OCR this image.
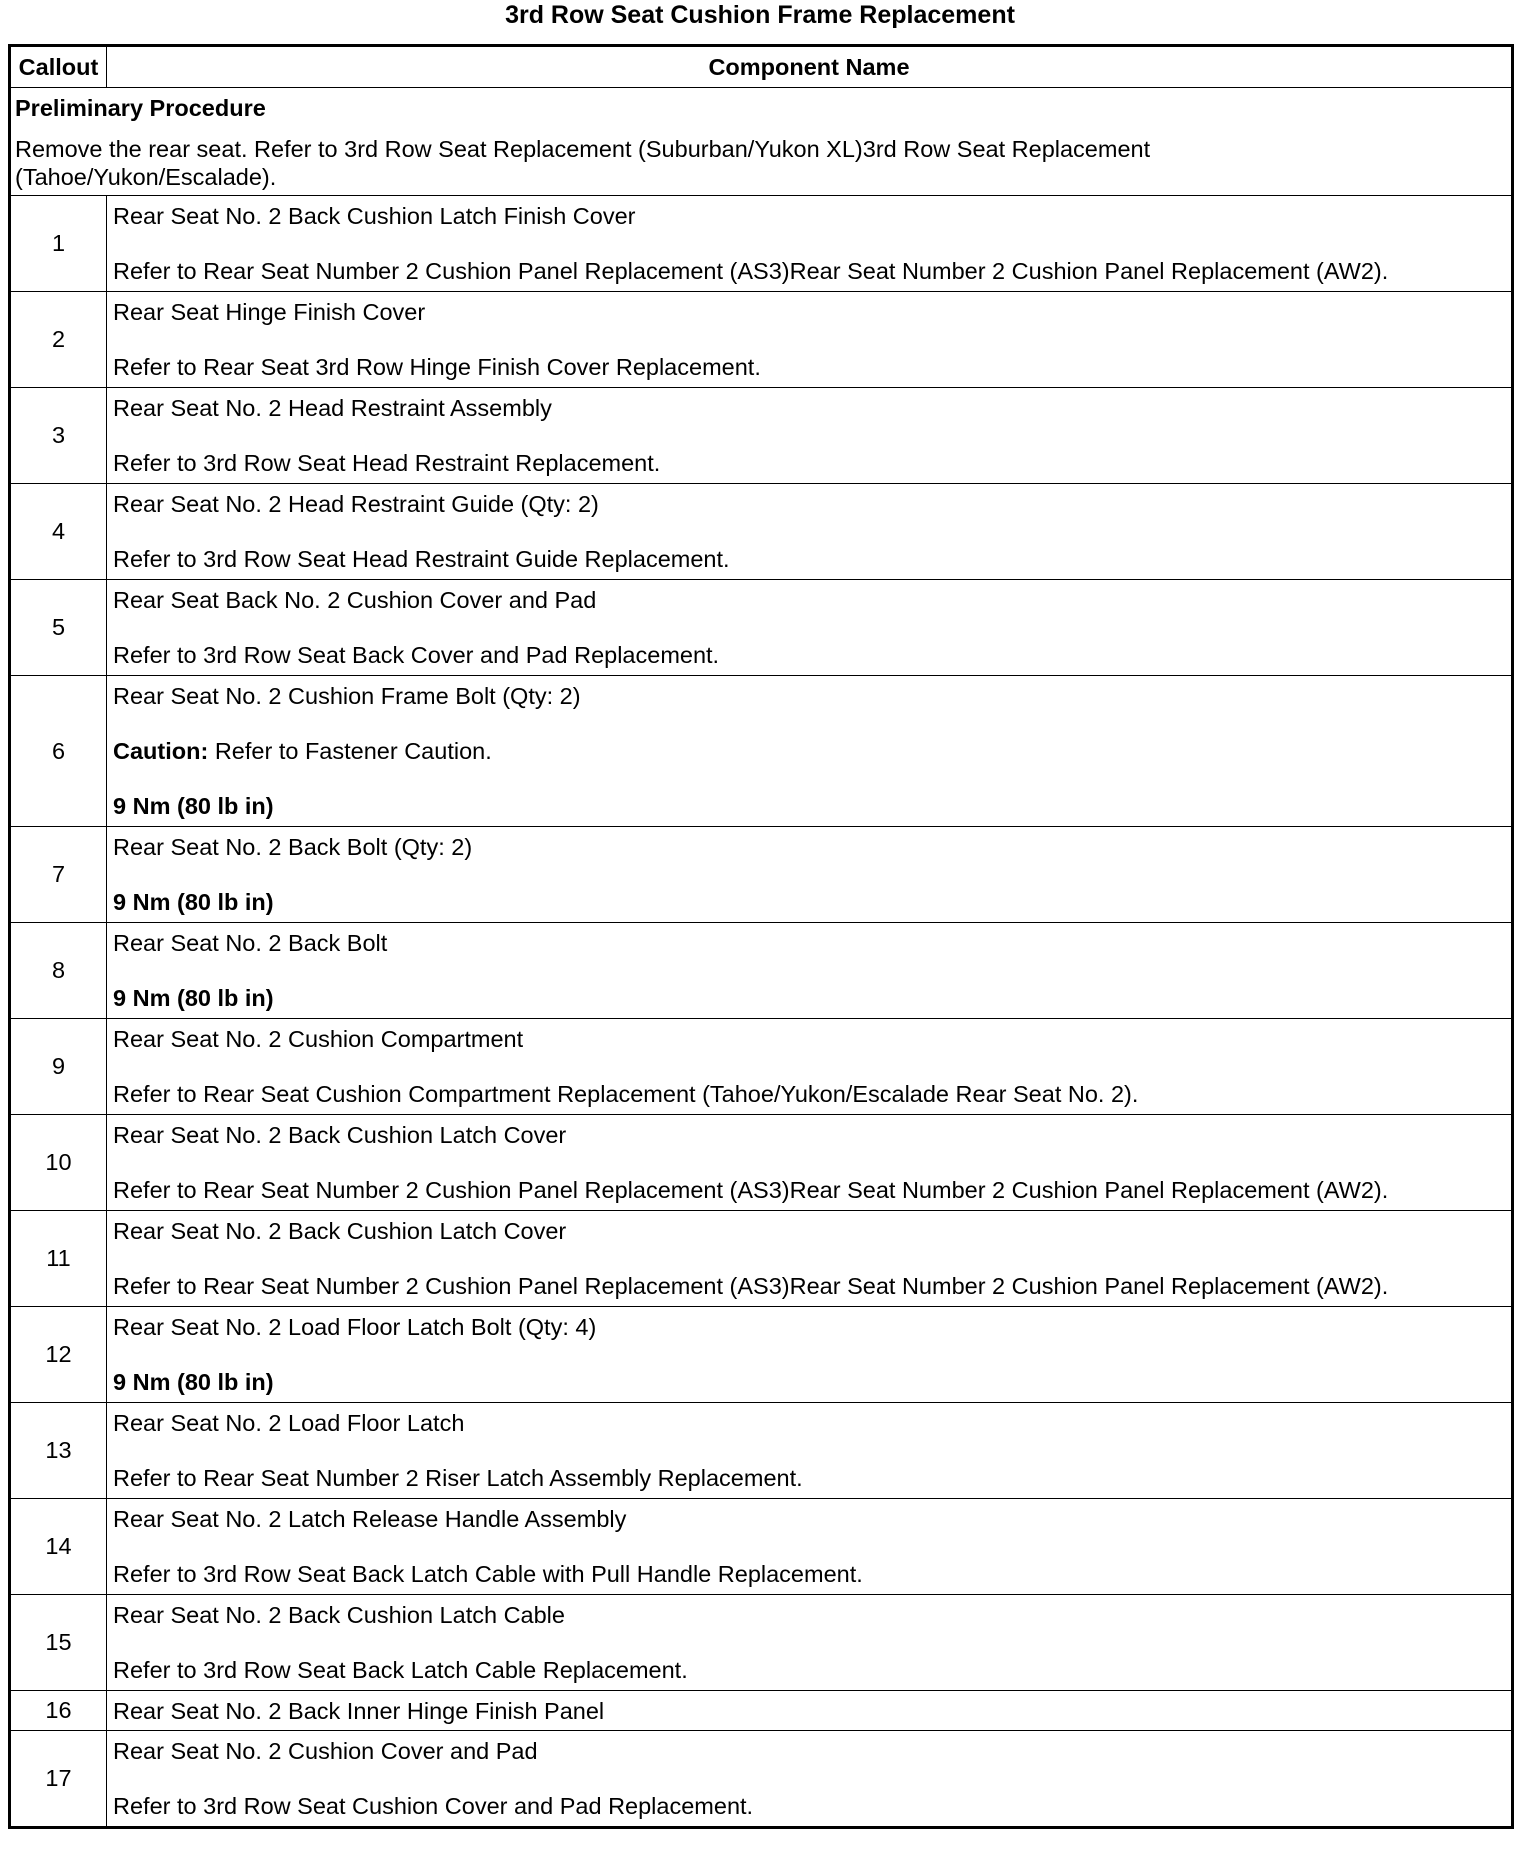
3rd Row Seat Cushion Frame Replacement
Callout	Component Name

Preliminary Procedure
Remove the rear seat. Refer to 3rd Row Seat Replacement (Suburban/Yukon XL)3rd Row Seat Replacement
(Tahoe/Yukon/Escalade).	

1	Rear Seat No. 2 Back Cushion Latch Finish Cover
Refer to Rear Seat Number 2 Cushion Panel Replacement (AS3)Rear Seat Number 2 Cushion Panel Replacement (AW2).

2	Rear Seat Hinge Finish Cover
Refer to Rear Seat 3rd Row Hinge Finish Cover Replacement.

3	Rear Seat No. 2 Head Restraint Assembly
Refer to 3rd Row Seat Head Restraint Replacement.

4	Rear Seat No. 2 Head Restraint Guide (Qty: 2)
Refer to 3rd Row Seat Head Restraint Guide Replacement.

5	Rear Seat Back No. 2 Cushion Cover and Pad
Refer to 3rd Row Seat Back Cover and Pad Replacement.

6	Rear Seat No. 2 Cushion Frame Bolt (Qty: 2)
Caution: Refer to Fastener Caution.
9 Nm (80 lb in)

7	Rear Seat No. 2 Back Bolt (Qty: 2)
9 Nm (80 lb in)

8	Rear Seat No. 2 Back Bolt
9 Nm (80 lb in)

9	Rear Seat No. 2 Cushion Compartment
Refer to Rear Seat Cushion Compartment Replacement (Tahoe/Yukon/Escalade Rear Seat No. 2).

10	Rear Seat No. 2 Back Cushion Latch Cover
Refer to Rear Seat Number 2 Cushion Panel Replacement (AS3)Rear Seat Number 2 Cushion Panel Replacement (AW2).

11	Rear Seat No. 2 Back Cushion Latch Cover
Refer to Rear Seat Number 2 Cushion Panel Replacement (AS3)Rear Seat Number 2 Cushion Panel Replacement (AW2).

12	Rear Seat No. 2 Load Floor Latch Bolt (Qty: 4)
9 Nm (80 lb in)

13	Rear Seat No. 2 Load Floor Latch
Refer to Rear Seat Number 2 Riser Latch Assembly Replacement.

14	Rear Seat No. 2 Latch Release Handle Assembly
Refer to 3rd Row Seat Back Latch Cable with Pull Handle Replacement.

15	Rear Seat No. 2 Back Cushion Latch Cable
Refer to 3rd Row Seat Back Latch Cable Replacement.

16	Rear Seat No. 2 Back Inner Hinge Finish Panel

17	Rear Seat No. 2 Cushion Cover and Pad
Refer to 3rd Row Seat Cushion Cover and Pad Replacement.
